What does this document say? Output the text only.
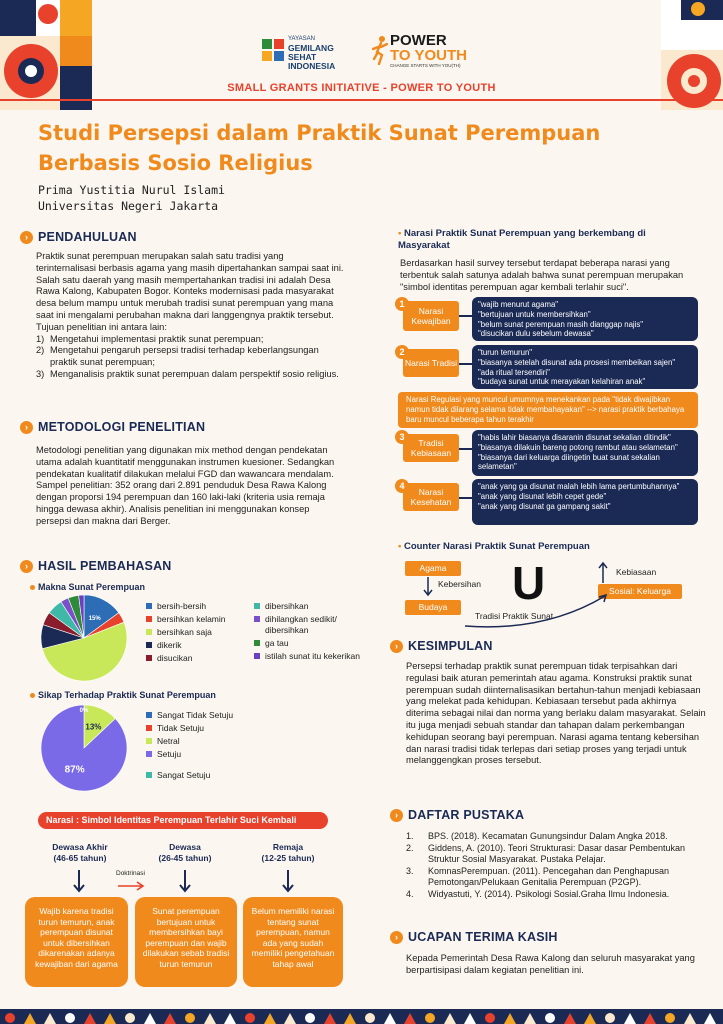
YAYASAN
GEMILANG
SEHAT
INDONESIA
POWER
TO YOUTH
CHANGE STARTS WITH YOU(TH)
SMALL GRANTS INITIATIVE - POWER TO YOUTH
Studi Persepsi dalam Praktik Sunat Perempuan
Berbasis Sosio Religius
Prima Yustitia Nurul Islami
Universitas Negeri Jakarta
› PENDAHULUAN

Praktik sunat perempuan merupakan salah satu tradisi yang terinternalisasi berbasis agama yang masih dipertahankan sampai saat ini. Salah satu daerah yang masih mempertahankan tradisi ini adalah Desa Rawa Kalong, Kabupaten Bogor. Konteks modernisasi pada masyarakat desa belum mampu untuk merubah tradisi sunat perempuan yang mana saat ini mengalami perubahan makna dari langgengnya praktik tersebut.

Tujuan penelitian ini antara lain:

1) Mengetahui implementasi praktik sunat perempuan;
2) Mengetahui pengaruh persepsi tradisi terhadap keberlangsungan praktik sunat perempuan;
3) Menganalisis praktik sunat perempuan dalam perspektif sosio religius.
› METODOLOGI PENELITIAN

Metodologi penelitian yang digunakan mix method dengan pendekatan utama adalah kuantitatif menggunakan instrumen kuesioner. Sedangkan pendekatan kualitatif dilakukan melalui FGD dan wawancara mendalam. Sampel penelitian: 352 orang dari 2.891 penduduk Desa Rawa Kalong dengan proporsi 194 perempuan dan 160 laki-laki (kriteria usia remaja hingga dewasa akhir). Analisis penelitian ini menggunakan konsep persepsi dan makna dari Berger.

› HASIL PEMBAHASAN
Makna Sunat Perempuan
15%
bersih-bersih
bersihkan kelamin
bersihkan saja
dikerik
disucikan
dibersihkan
dihilangkan sedikit/ dibersihkan
ga tau
istilah sunat itu kekerikan
Sikap Terhadap Praktik Sunat Perempuan
0%
13%
87%
Sangat Tidak Setuju
Tidak Setuju
Netral
Setuju
Sangat Setuju
Narasi : Simbol Identitas Perempuan Terlahir Suci Kembali
Dewasa Akhir
(46-65 tahun)
Dewasa
(26-45 tahun)
Remaja
(12-25 tahun)
Doktrinasi
Wajib karena tradisi turun temurun, anak perempuan disunat untuk dibersihkan dikarenakan adanya kewajiban dari agama
Sunat perempuan bertujuan untuk membersihkan bayi perempuan dan wajib dilakukan sebab tradisi turun temurun
Belum memiliki narasi tentang sunat perempuan, namun ada yang sudah memiliki pengetahuan tahap awal
• Narasi Praktik Sunat Perempuan yang berkembang di Masyarakat

Berdasarkan hasil survey tersebut terdapat beberapa narasi yang terbentuk salah satunya adalah bahwa sunat perempuan merupakan "simbol identitas perempuan agar kembali terlahir suci".

1
Narasi Kewajiban
"wajib menurut agama"
"bertujuan untuk membersihkan"
"belum sunat perempuan masih dianggap najis"
"disucikan dulu sebelum dewasa"
2
Narasi Tradisi
"turun temurun"
"biasanya setelah disunat ada prosesi membeikan sajen"
"ada ritual tersendiri"
"budaya sunat untuk merayakan kelahiran anak"
Narasi Regulasi yang muncul umumnya menekankan pada "tidak diwajibkan namun tidak dilarang selama tidak membahayakan" --> narasi praktik berbahaya baru muncul beberapa tahun terakhir
3
Tradisi Kebiasaan
"habis lahir biasanya disaranin disunat sekalian ditindik"
"biasanya dilakuin bareng potong rambut atau selametan"
"biasanya dari keluarga diingetin buat sunat sekalian selametan"
4
Narasi Kesehatan
"anak yang ga disunat malah lebih lama pertumbuhannya"
"anak yang disunat lebih cepet gede"
"anak yang disunat ga gampang sakit"
• Counter Narasi Praktik Sunat Perempuan
Agama
Kebersihan
Budaya U
Tradisi Praktik Sunat
Kebiasaan
Sosial: Keluarga
› KESIMPULAN

Persepsi terhadap praktik sunat perempuan tidak terpisahkan dari regulasi baik aturan pemerintah atau agama. Konstruksi praktik sunat perempuan sudah diinternalisasikan bertahun-tahun menjadi kebiasaan yang melekat pada kehidupan. Kebiasaan tersebut pada akhirnya diterima sebagai nilai dan norma yang berlaku dalam masyarakat. Selain itu juga menjadi sebuah standar dan tahapan dalam perkembangan kehidupan seorang bayi perempuan. Narasi agama tentang kebersihan dan narasi tradisi tidak terlepas dari setiap proses yang terjadi untuk melanggengkan proses tersebut.

› DAFTAR PUSTAKA
1.	BPS. (2018). Kecamatan Gunungsindur Dalam Angka 2018.
2.	Giddens, A. (2010). Teori Strukturasi: Dasar dasar Pembentukan Struktur Sosial Masyarakat. Pustaka Pelajar.
3.	KomnasPerempuan. (2011). Pencegahan dan Penghapusan Pemotongan/Pelukaan Genitalia Perempuan (P2GP).
4.	Widyastuti, Y. (2014). Psikologi Sosial.Graha Ilmu Indonesia.
› UCAPAN TERIMA KASIH

Kepada Pemerintah Desa Rawa Kalong dan seluruh masyarakat yang berpartisipasi dalam kegiatan penelitian ini.
